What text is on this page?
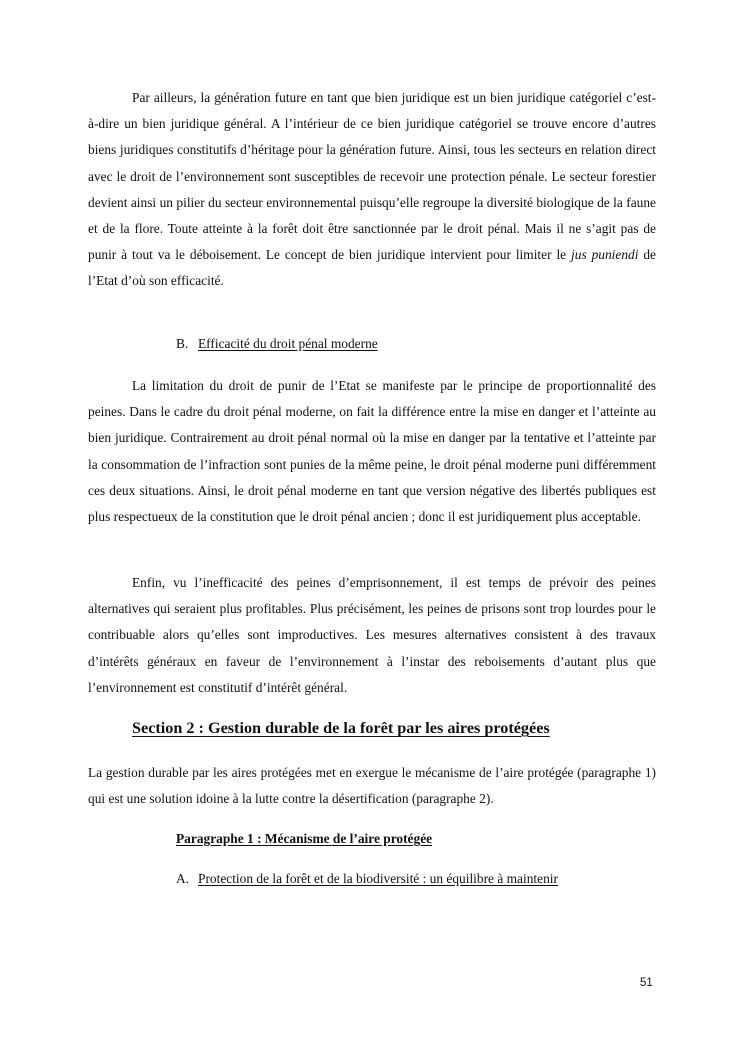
Par ailleurs, la génération future en tant que bien juridique est un bien juridique catégoriel c’est-à-dire un bien juridique général. A l’intérieur de ce bien juridique catégoriel se trouve encore d’autres biens juridiques constitutifs d’héritage pour la génération future. Ainsi, tous les secteurs en relation direct avec le droit de l’environnement sont susceptibles de recevoir une protection pénale. Le secteur forestier devient ainsi un pilier du secteur environnemental puisqu’elle regroupe la diversité biologique de la faune et de la flore. Toute atteinte à la forêt doit être sanctionnée par le droit pénal. Mais il ne s’agit pas de punir à tout va le déboisement. Le concept de bien juridique intervient pour limiter le jus puniendi de l’Etat d’où son efficacité.

B. Efficacité du droit pénal moderne

La limitation du droit de punir de l’Etat se manifeste par le principe de proportionnalité des peines. Dans le cadre du droit pénal moderne, on fait la différence entre la mise en danger et l’atteinte au bien juridique. Contrairement au droit pénal normal où la mise en danger par la tentative et l’atteinte par la consommation de l’infraction sont punies de la même peine, le droit pénal moderne puni différemment ces deux situations. Ainsi, le droit pénal moderne en tant que version négative des libertés publiques est plus respectueux de la constitution que le droit pénal ancien ; donc il est juridiquement plus acceptable.

Enfin, vu l’inefficacité des peines d’emprisonnement, il est temps de prévoir des peines alternatives qui seraient plus profitables. Plus précisément, les peines de prisons sont trop lourdes pour le contribuable alors qu’elles sont improductives. Les mesures alternatives consistent à des travaux d’intérêts généraux en faveur de l’environnement à l’instar des reboisements d’autant plus que l’environnement est constitutif d’intérêt général.

Section 2 : Gestion durable de la forêt par les aires protégées

La gestion durable par les aires protégées met en exergue le mécanisme de l’aire protégée (paragraphe 1) qui est une solution idoine à la lutte contre la désertification (paragraphe 2).

Paragraphe 1 : Mécanisme de l’aire protégée
A. Protection de la forêt et de la biodiversité : un équilibre à maintenir
51
